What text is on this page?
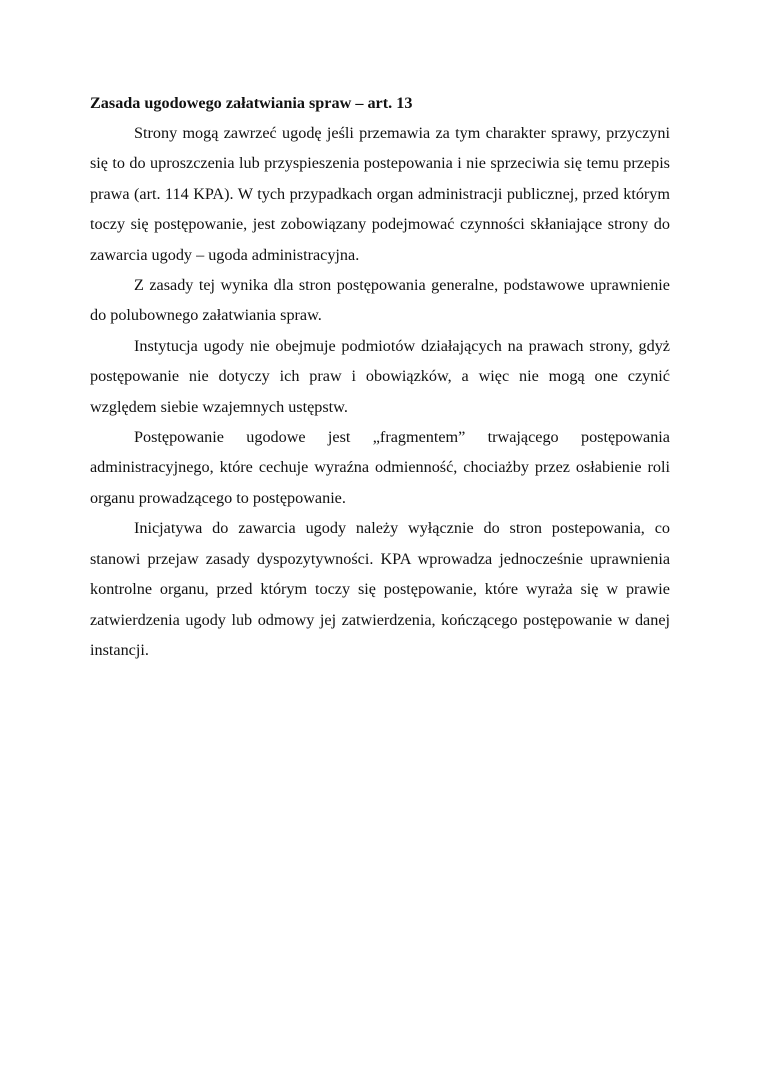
Zasada ugodowego załatwiania spraw – art. 13

Strony mogą zawrzeć ugodę jeśli przemawia za tym charakter sprawy, przyczyni się to do uproszczenia lub przyspieszenia postepowania i nie sprzeciwia się temu przepis prawa (art. 114 KPA). W tych przypadkach organ administracji publicznej, przed którym toczy się postępowanie, jest zobowiązany podejmować czynności skłaniające strony do zawarcia ugody – ugoda administracyjna.

Z zasady tej wynika dla stron postępowania generalne, podstawowe uprawnienie do polubownego załatwiania spraw.

Instytucja ugody nie obejmuje podmiotów działających na prawach strony, gdyż postępowanie nie dotyczy ich praw i obowiązków, a więc nie mogą one czynić względem siebie wzajemnych ustępstw.

Postępowanie ugodowe jest „fragmentem” trwającego postępowania administracyjnego, które cechuje wyraźna odmienność, chociażby przez osłabienie roli organu prowadzącego to postępowanie.

Inicjatywa do zawarcia ugody należy wyłącznie do stron postepowania, co stanowi przejaw zasady dyspozytywności. KPA wprowadza jednocześnie uprawnienia kontrolne organu, przed którym toczy się postępowanie, które wyraża się w prawie zatwierdzenia ugody lub odmowy jej zatwierdzenia, kończącego postępowanie w danej instancji.
